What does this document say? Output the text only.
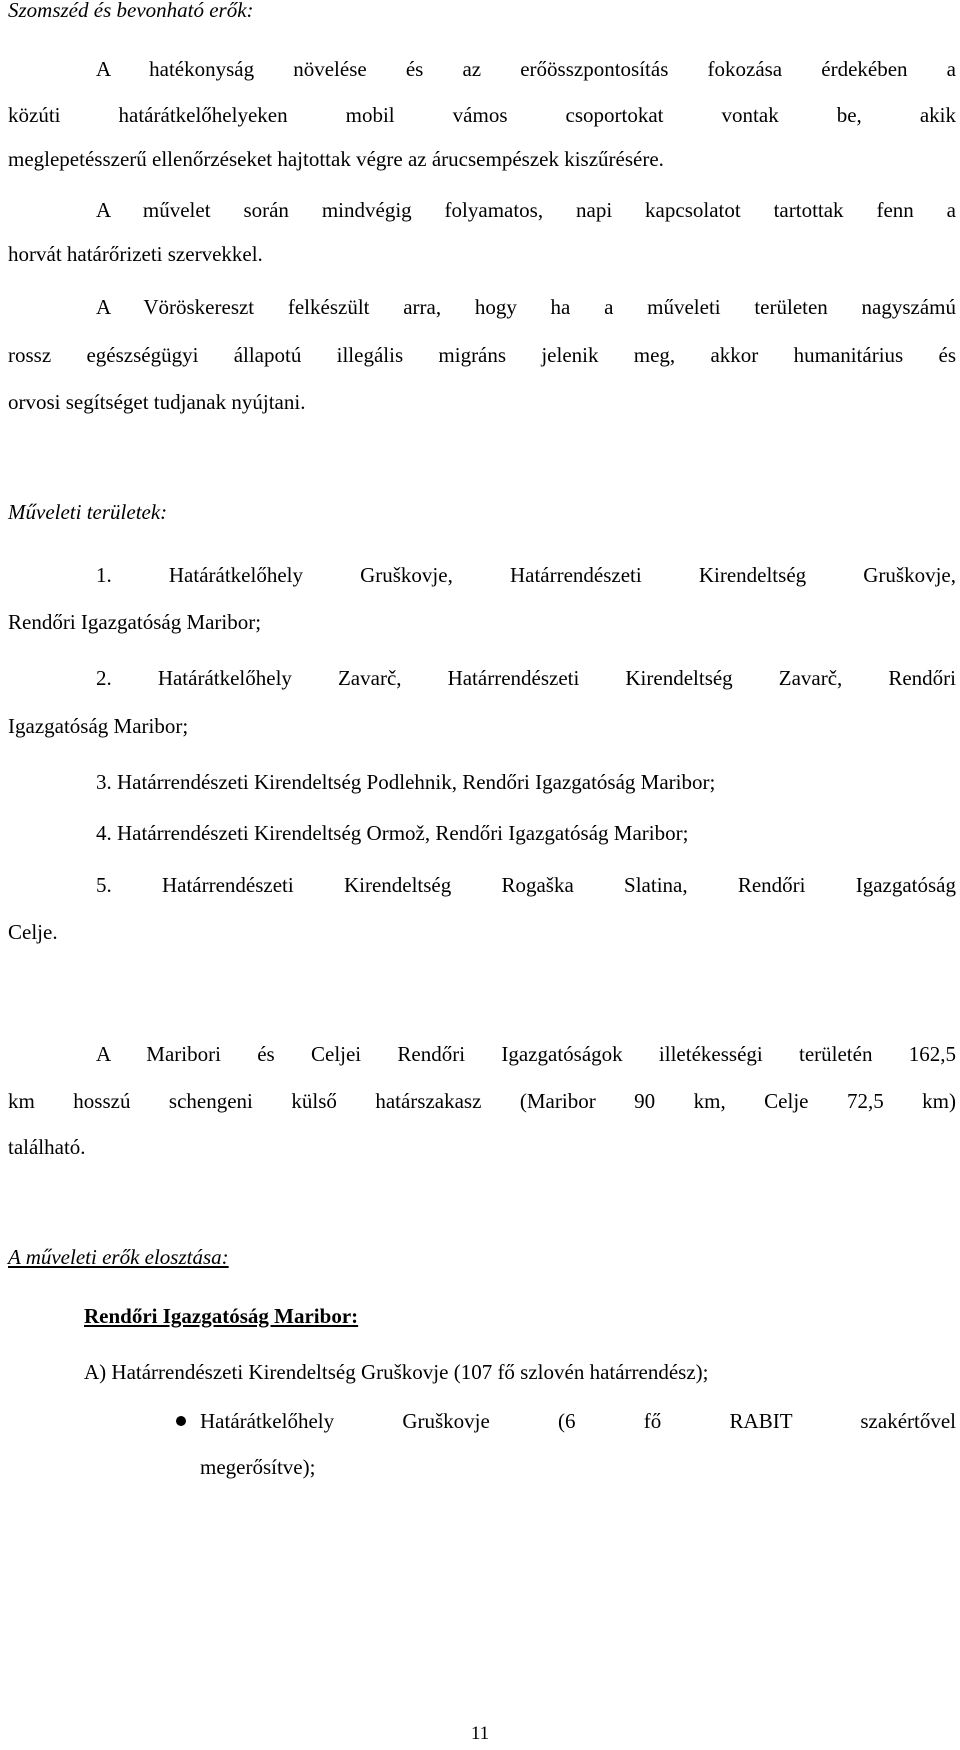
Szomszéd és bevonható erők:
A hatékonyság növelése és az erőösszpontosítás fokozása érdekében a
közúti határátkelőhelyeken mobil vámos csoportokat vontak be, akik
meglepetésszerű ellenőrzéseket hajtottak végre az árucsempészek kiszűrésére.
A művelet során mindvégig folyamatos, napi kapcsolatot tartottak fenn a
horvát határőrizeti szervekkel.
A Vöröskereszt felkészült arra, hogy ha a műveleti területen nagyszámú
rossz egészségügyi állapotú illegális migráns jelenik meg, akkor humanitárius és
orvosi segítséget tudjanak nyújtani.
Műveleti területek:
1. Határátkelőhely Gruškovje, Határrendészeti Kirendeltség Gruškovje,
Rendőri Igazgatóság Maribor;
2. Határátkelőhely Zavarč, Határrendészeti Kirendeltség Zavarč, Rendőri
Igazgatóság Maribor;
3. Határrendészeti Kirendeltség Podlehnik, Rendőri Igazgatóság Maribor;
4. Határrendészeti Kirendeltség Ormož, Rendőri Igazgatóság Maribor;
5. Határrendészeti Kirendeltség Rogaška Slatina, Rendőri Igazgatóság
Celje.
A Maribori és Celjei Rendőri Igazgatóságok illetékességi területén 162,5
km hosszú schengeni külső határszakasz (Maribor 90 km, Celje 72,5 km)
található.
A műveleti erők elosztása:
Rendőri Igazgatóság Maribor:
A) Határrendészeti Kirendeltség Gruškovje (107 fő szlovén határrendész);
Határátkelőhely Gruškovje (6 fő RABIT szakértővel
megerősítve);
11
